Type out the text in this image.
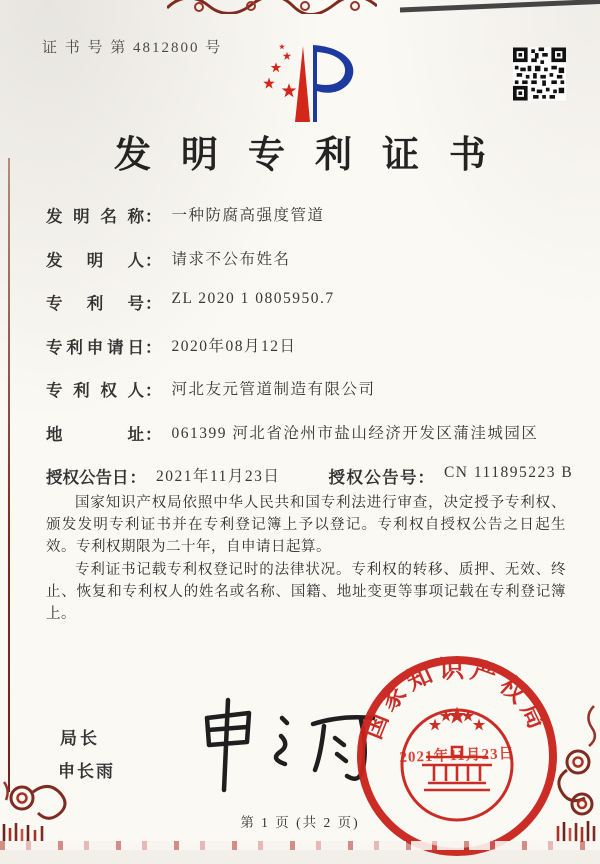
证 书 号 第 4812800 号
发明专利证书
发明名称 ： 一种防腐高强度管道
发明人 ： 请求不公布姓名
专利号 ： ZL 2020 1 0805950.7
专利申请日 ： 2020年08月12日
专利权人 ： 河北友元管道制造有限公司
地址 ： 061399 河北省沧州市盐山经济开发区蒲洼城园区
授权公告日 ： 2021年11月23日	授权公告号 ： CN 111895223 B

国家知识产权局依照中华人民共和国专利法进行审查，决定授予专利权、颁发发明专利证书并在专利登记簿上予以登记。专利权自授权公告之日起生效。专利权期限为二十年，自申请日起算。

专利证书记载专利权登记时的法律状况。专利权的转移、质押、无效、终止、恢复和专利权人的姓名或名称、国籍、地址变更等事项记载在专利登记簿上。

局长
申长雨
国家知识产权局
2021年11月23日
第 1 页 (共 2 页)
